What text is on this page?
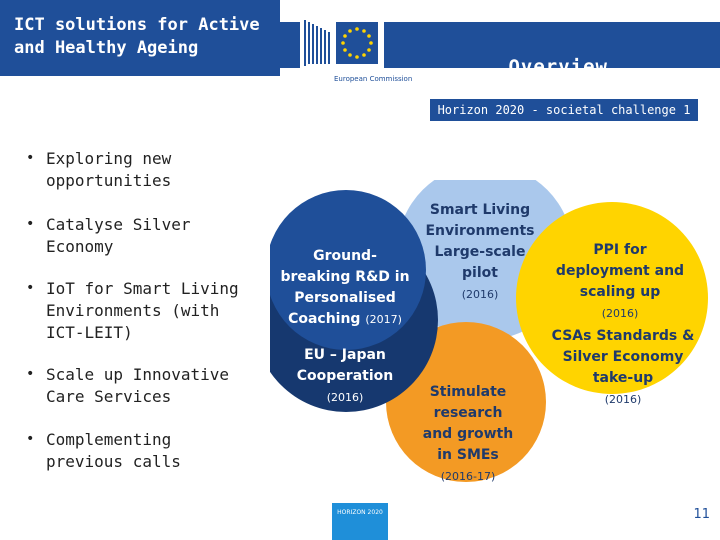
ICT solutions for Active and Healthy Ageing
Overview
European Commission
Horizon 2020 - societal challenge 1
• Exploring new opportunities
• Catalyse Silver Economy
• IoT for Smart Living Environments (with ICT-LEIT)
• Scale up Innovative Care Services
• Complementing previous calls
Ground-breaking R&D in Personalised Coaching (2017)
EU – Japan Cooperation
(2016)
Smart Living Environments Large-scale pilot
(2016)
Stimulate research and growth in SMEs
(2016-17)
PPI for deployment and scaling up
(2016)
CSAs Standards & Silver Economy take-up
(2016)
HORIZON 2020	11
